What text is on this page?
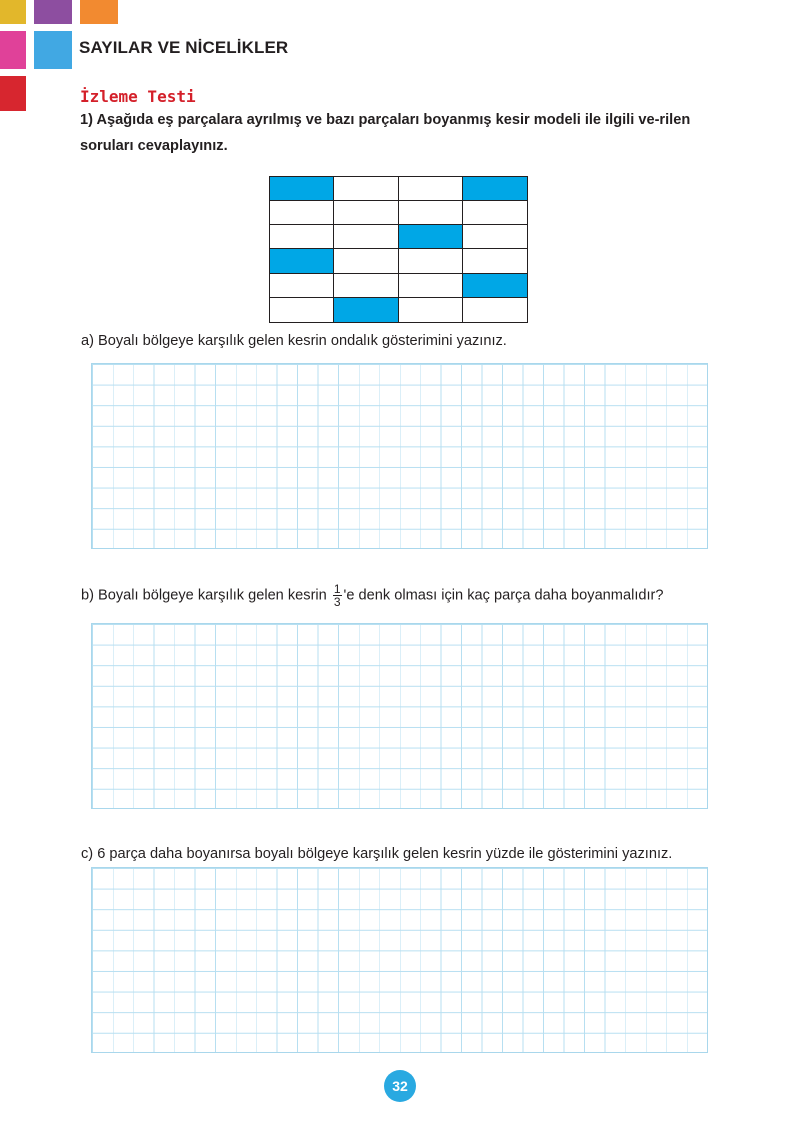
SAYILAR VE NİCELİKLER
İzleme Testi
1) Aşağıda eş parçalara ayrılmış ve bazı parçaları boyanmış kesir modeli ile ilgili ve-rilen soruları cevaplayınız.
a) Boyalı bölgeye karşılık gelen kesrin ondalık gösterimini yazınız.
b) Boyalı bölgeye karşılık gelen kesrin $\frac{1}{3}$ 'e denk olması için kaç parça daha boyanmalıdır?
c) 6 parça daha boyanırsa boyalı bölgeye karşılık gelen kesrin yüzde ile gösterimini yazınız.
32
